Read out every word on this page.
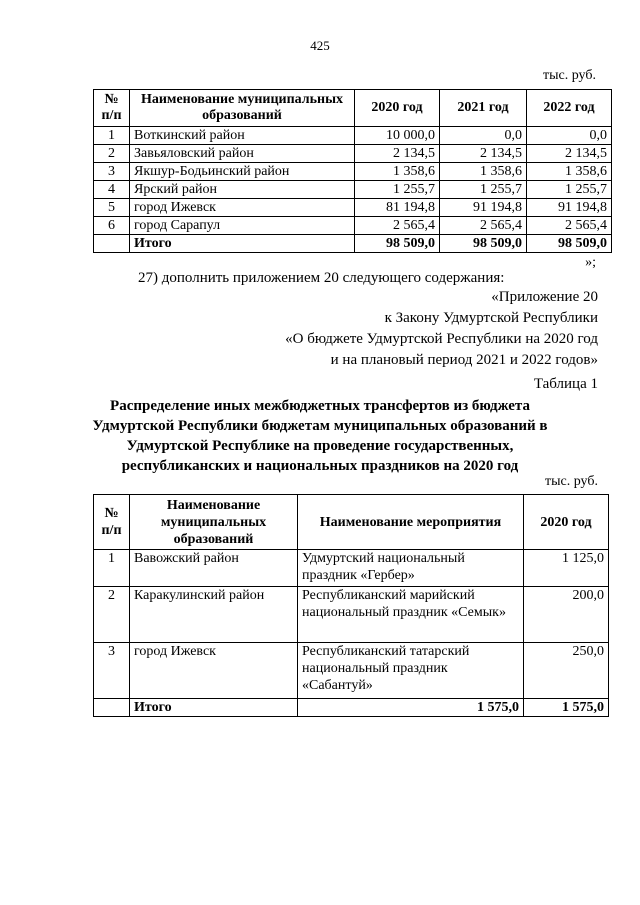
425
тыс. руб.
№ п/п	Наименование муниципальных образований	2020 год	2021 год	2022 год
1	Воткинский район	10 000,0	0,0	0,0
2	Завьяловский район	2 134,5	2 134,5	2 134,5
3	Якшур-Бодьинский район	1 358,6	1 358,6	1 358,6
4	Ярский район	1 255,7	1 255,7	1 255,7
5	город Ижевск	81 194,8	91 194,8	91 194,8
6	город Сарапул	2 565,4	2 565,4	2 565,4
	Итого	98 509,0	98 509,0	98 509,0
»;
27) дополнить приложением 20 следующего содержания:
«Приложение 20
к Закону Удмуртской Республики
«О бюджете Удмуртской Республики на 2020 год
и на плановый период 2021 и 2022 годов»
Таблица 1
Распределение иных межбюджетных трансфертов из бюджета
Удмуртской Республики бюджетам муниципальных образований в
Удмуртской Республике на проведение государственных,
республиканских и национальных праздников на 2020 год
тыс. руб.
№ п/п	Наименование муниципальных образований	Наименование мероприятия	2020 год
1	Вавожский район	Удмуртский национальный праздник «Гербер»	1 125,0
2	Каракулинский район	Республиканский марийский национальный праздник «Семык»	200,0
3	город Ижевск	Республиканский татарский национальный праздник «Сабантуй»	250,0
	Итого	1 575,0	1 575,0
